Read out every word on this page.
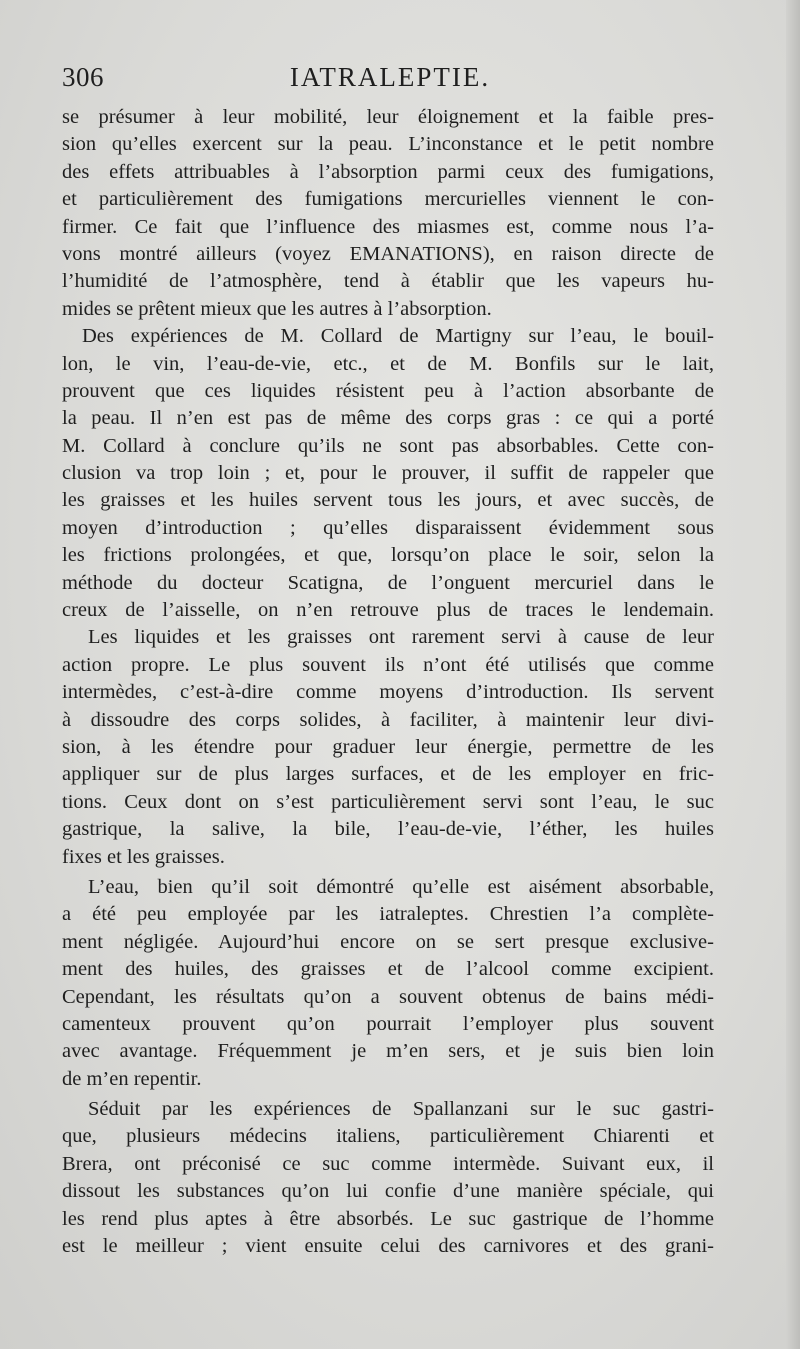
306	IATRALEPTIE.
se présumer à leur mobilité, leur éloignement et la faible pres-
sion qu’elles exercent sur la peau. L’inconstance et le petit nombre
des effets attribuables à l’absorption parmi ceux des fumigations,
et particulièrement des fumigations mercurielles viennent le con-
firmer. Ce fait que l’influence des miasmes est, comme nous l’a-
vons montré ailleurs (voyez EMANATIONS), en raison directe de
l’humidité de l’atmosphère, tend à établir que les vapeurs hu-
mides se prêtent mieux que les autres à l’absorption.
Des expériences de M. Collard de Martigny sur l’eau, le bouil-
lon, le vin, l’eau-de-vie, etc., et de M. Bonfils sur le lait,
prouvent que ces liquides résistent peu à l’action absorbante de
la peau. Il n’en est pas de même des corps gras : ce qui a porté
M. Collard à conclure qu’ils ne sont pas absorbables. Cette con-
clusion va trop loin ; et, pour le prouver, il suffit de rappeler que
les graisses et les huiles servent tous les jours, et avec succès, de
moyen d’introduction ; qu’elles disparaissent évidemment sous
les frictions prolongées, et que, lorsqu’on place le soir, selon la
méthode du docteur Scatigna, de l’onguent mercuriel dans le
creux de l’aisselle, on n’en retrouve plus de traces le lendemain.
Les liquides et les graisses ont rarement servi à cause de leur
action propre. Le plus souvent ils n’ont été utilisés que comme
intermèdes, c’est-à-dire comme moyens d’introduction. Ils servent
à dissoudre des corps solides, à faciliter, à maintenir leur divi-
sion, à les étendre pour graduer leur énergie, permettre de les
appliquer sur de plus larges surfaces, et de les employer en fric-
tions. Ceux dont on s’est particulièrement servi sont l’eau, le suc
gastrique, la salive, la bile, l’eau-de-vie, l’éther, les huiles
fixes et les graisses.
L’eau, bien qu’il soit démontré qu’elle est aisément absorbable,
a été peu employée par les iatraleptes. Chrestien l’a complète-
ment négligée. Aujourd’hui encore on se sert presque exclusive-
ment des huiles, des graisses et de l’alcool comme excipient.
Cependant, les résultats qu’on a souvent obtenus de bains médi-
camenteux prouvent qu’on pourrait l’employer plus souvent
avec avantage. Fréquemment je m’en sers, et je suis bien loin
de m’en repentir.
Séduit par les expériences de Spallanzani sur le suc gastri-
que, plusieurs médecins italiens, particulièrement Chiarenti et
Brera, ont préconisé ce suc comme intermède. Suivant eux, il
dissout les substances qu’on lui confie d’une manière spéciale, qui
les rend plus aptes à être absorbés. Le suc gastrique de l’homme
est le meilleur ; vient ensuite celui des carnivores et des grani-
